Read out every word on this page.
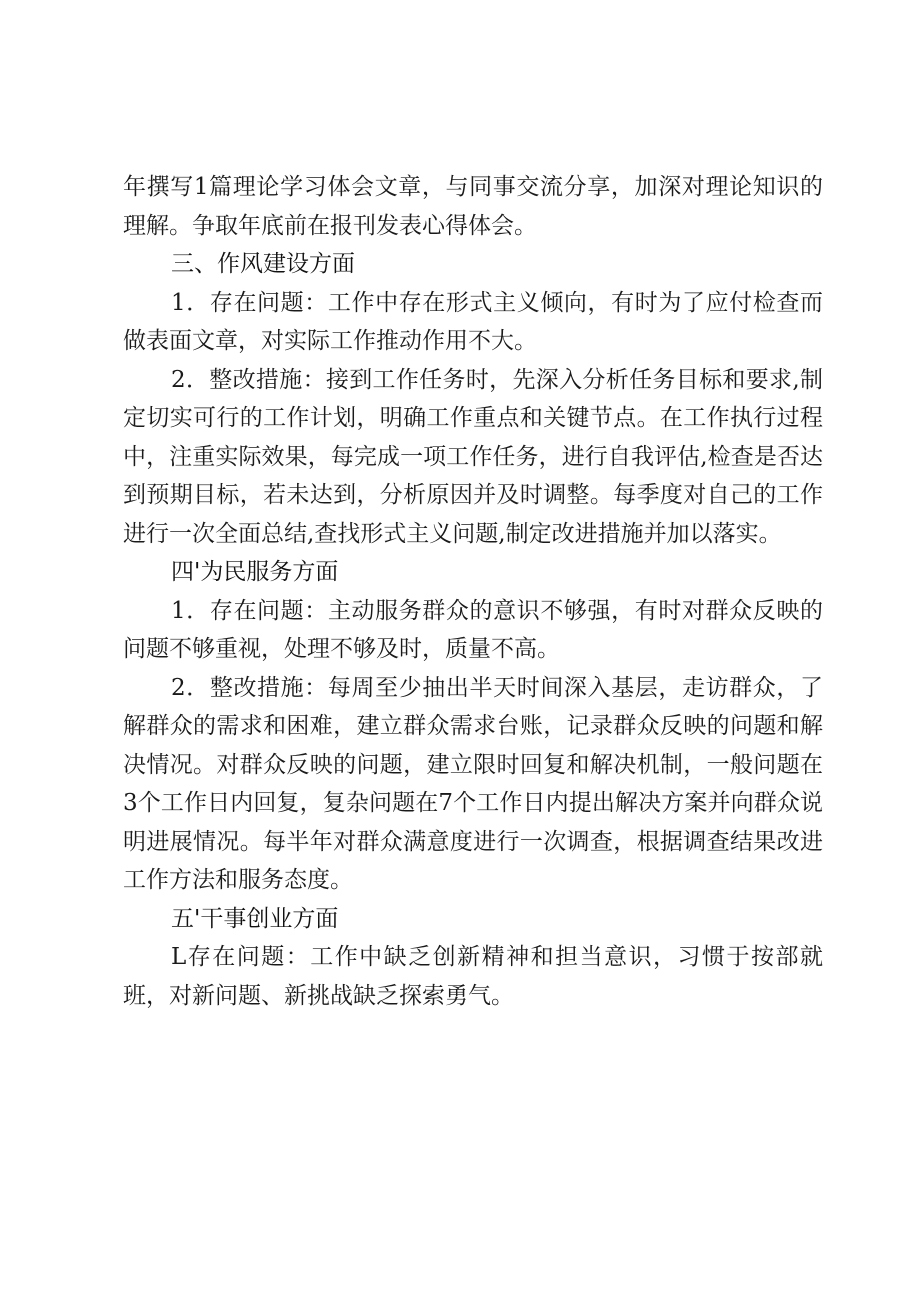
年撰写1篇理论学习体会文章，与同事交流分享，加深对理论知识的理解。争取年底前在报刊发表心得体会。

三、作风建设方面

1．存在问题：工作中存在形式主义倾向，有时为了应付检查而做表面文章，对实际工作推动作用不大。

2．整改措施：接到工作任务时，先深入分析任务目标和要求,制定切实可行的工作计划，明确工作重点和关键节点。在工作执行过程中，注重实际效果，每完成一项工作任务，进行自我评估,检查是否达到预期目标，若未达到，分析原因并及时调整。每季度对自己的工作进行一次全面总结,查找形式主义问题,制定改进措施并加以落实。

四'为民服务方面

1．存在问题：主动服务群众的意识不够强，有时对群众反映的问题不够重视，处理不够及时，质量不高。

2．整改措施：每周至少抽出半天时间深入基层，走访群众，了解群众的需求和困难，建立群众需求台账，记录群众反映的问题和解决情况。对群众反映的问题，建立限时回复和解决机制，一般问题在3个工作日内回复，复杂问题在7个工作日内提出解决方案并向群众说明进展情况。每半年对群众满意度进行一次调查，根据调查结果改进工作方法和服务态度。

五'干事创业方面

L存在问题：工作中缺乏创新精神和担当意识，习惯于按部就班，对新问题、新挑战缺乏探索勇气。
